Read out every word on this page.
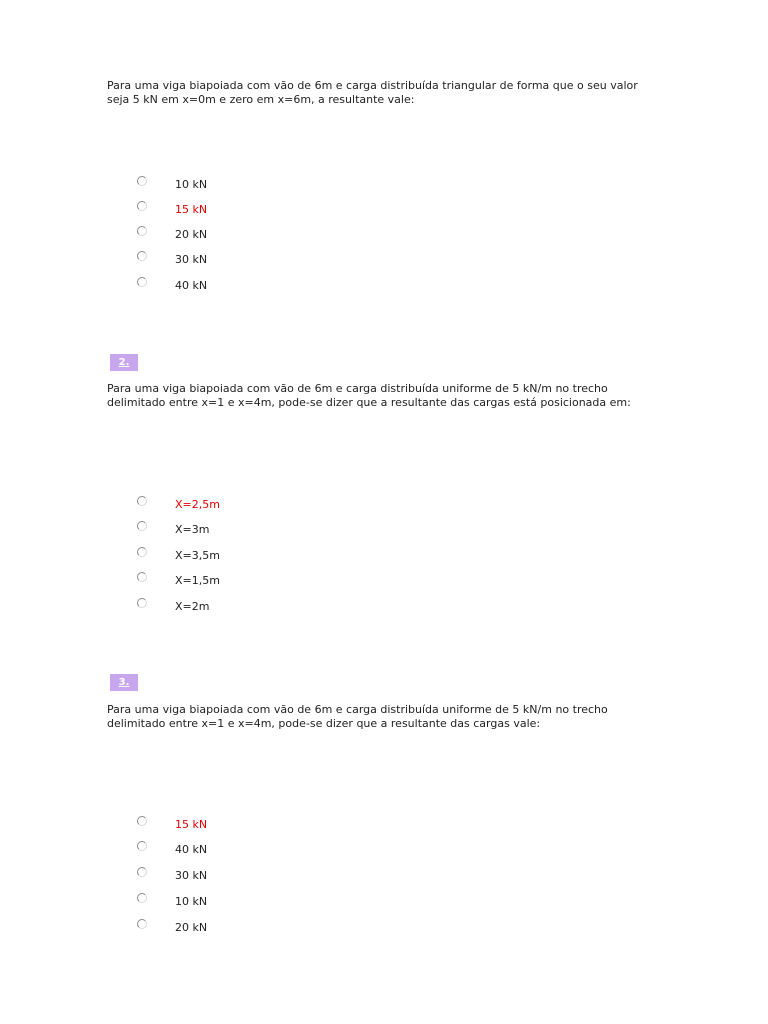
Para uma viga biapoiada com vão de 6m e carga distribuída triangular de forma que o seu valor
seja 5 kN em x=0m e zero em x=6m, a resultante vale:

10 kN
15 kN
20 kN
30 kN
40 kN
2.

Para uma viga biapoiada com vão de 6m e carga distribuída uniforme de 5 kN/m no trecho
delimitado entre x=1 e x=4m, pode-se dizer que a resultante das cargas está posicionada em:

X=2,5m
X=3m
X=3,5m
X=1,5m
X=2m
3.

Para uma viga biapoiada com vão de 6m e carga distribuída uniforme de 5 kN/m no trecho
delimitado entre x=1 e x=4m, pode-se dizer que a resultante das cargas vale:

15 kN
40 kN
30 kN
10 kN
20 kN
